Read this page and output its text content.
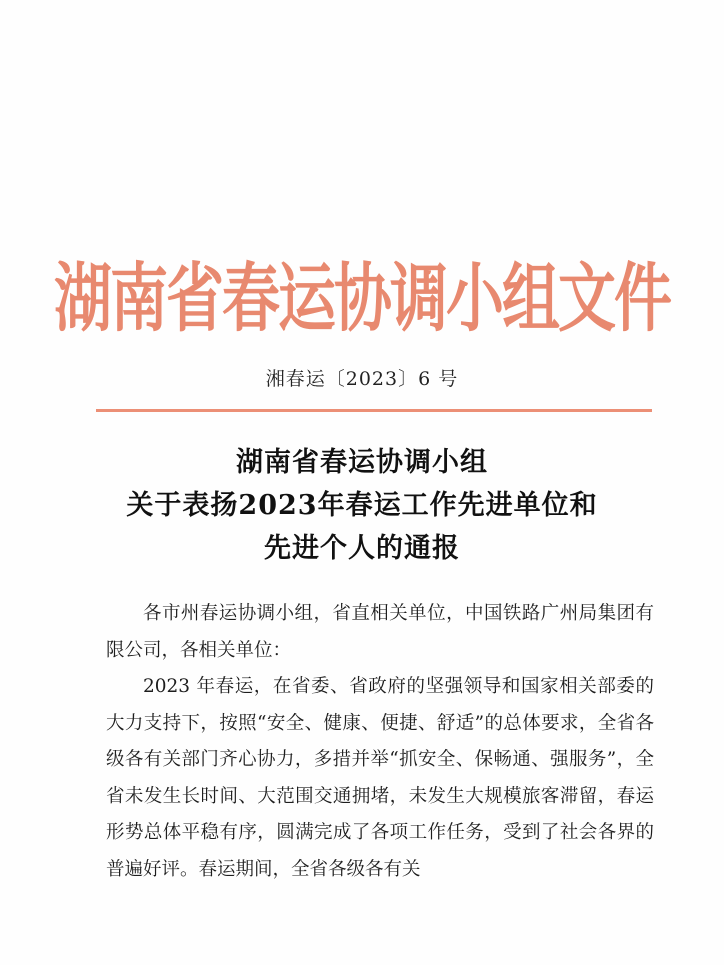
湖南省春运协调小组文件
湘春运〔2023〕6 号
湖南省春运协调小组
关于表扬2023年春运工作先进单位和
先进个人的通报

各市州春运协调小组，省直相关单位，中国铁路广州局集团有限公司，各相关单位：

2023 年春运，在省委、省政府的坚强领导和国家相关部委的大力支持下，按照“安全、健康、便捷、舒适”的总体要求，全省各级各有关部门齐心协力，多措并举“抓安全、保畅通、强服务”，全省未发生长时间、大范围交通拥堵，未发生大规模旅客滞留，春运形势总体平稳有序，圆满完成了各项工作任务，受到了社会各界的普遍好评。春运期间，全省各级各有关
